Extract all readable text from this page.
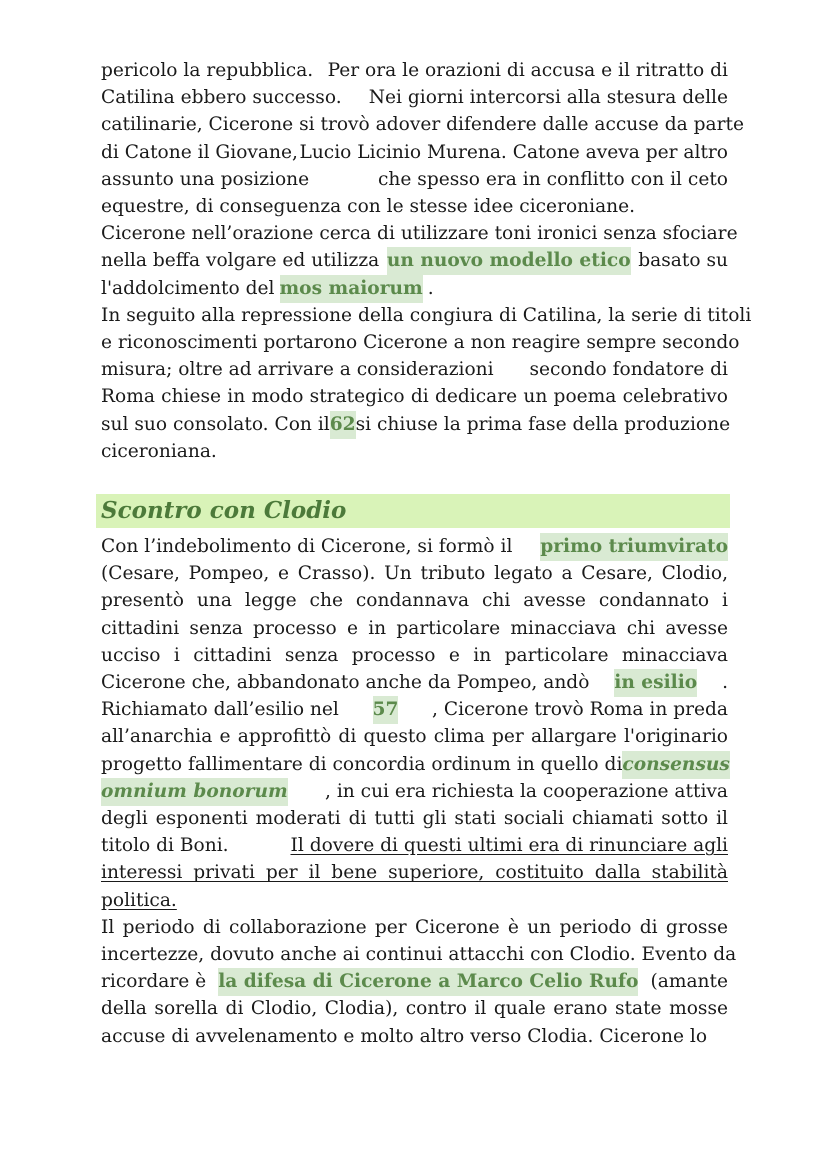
Scontro con Clodio
pericolo la repubblica. Per ora le orazioni di accusa e il ritratto di
Catilina ebbero successo. Nei giorni intercorsi alla stesura delle
catilinarie, Cicerone si trovò a dover difendere dalle accuse da parte
di Catone il Giovane, Lucio Licinio Murena. Catone aveva per altro
assunto una posizione	che spesso era in conflitto con il ceto
equestre, di conseguenza con le stesse idee ciceroniane.
Cicerone nell’orazione cerca di utilizzare toni ironici senza sfociare
nella beffa volgare ed utilizza un nuovo modello etico basato su
l'addolcimento del mos maiorum .
In seguito alla repressione della congiura di Catilina, la serie di titoli
e riconoscimenti portarono Cicerone a non reagire sempre secondo
misura; oltre ad arrivare a considerazioni secondo fondatore di
Roma chiese in modo strategico di dedicare un poema celebrativo
sul suo consolato. Con il 62 si chiuse la prima fase della produzione
ciceroniana.
Con l’indebolimento di Cicerone, si formò il primo triumvirato
(Cesare, Pompeo, e Crasso). Un tributo legato a Cesare, Clodio,
presentò una legge che condannava chi avesse condannato i
cittadini senza processo e in particolare minacciava chi avesse
ucciso i cittadini senza processo e in particolare minacciava
Cicerone che, abbandonato anche da Pompeo, andò in esilio .
Richiamato dall’esilio nel 57 , Cicerone trovò Roma in preda
all’anarchia e approfittò di questo clima per allargare l'originario
progetto fallimentare di concordia ordinum in quello di consensus
omnium bonorum , in cui era richiesta la cooperazione attiva
degli esponenti moderati di tutti gli stati sociali chiamati sotto il
titolo di Boni.	Il dovere di questi ultimi era di rinunciare agli
interessi privati per il bene superiore, costituito dalla stabilità
politica.
Il periodo di collaborazione per Cicerone è un periodo di grosse
incertezze, dovuto anche ai continui attacchi con Clodio. Evento da
ricordare è la difesa di Cicerone a Marco Celio Rufo (amante
della sorella di Clodio, Clodia), contro il quale erano state mosse
accuse di avvelenamento e molto altro verso Clodia. Cicerone lo
